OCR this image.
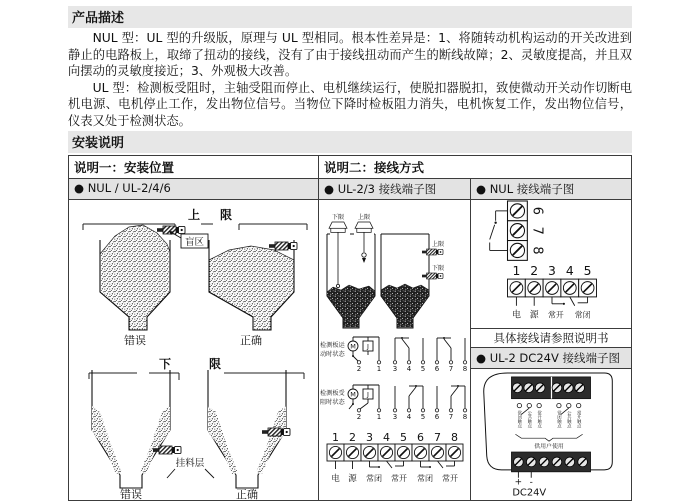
产品描述

NUL 型：UL 型的升级版，原理与 UL 型相同。根本性差异是：1、将随转动机构运动的开关改进到静止的电路板上，取缔了扭动的接线，没有了由于接线扭动而产生的断线故障；2、灵敏度提高，并且双向摆动的灵敏度接近；3、外观极大改善。

UL 型：检测板受阻时，主轴受阻而停止、电机继续运行，使脱扣器脱扣，致使微动开关动作切断电机电源、电机停止工作，发出物位信号。当物位下降时检板阻力消失，电机恢复工作，发出物位信号，仪表又处于检测状态。

安装说明
说明一：安装位置	说明二：接线方式
● NUL / UL-2/4/6	● UL-2/3 接线端子图	● NUL 接线端子图
上 限
盲区
错误	正确
下	限
错误
挂料层
正确
下限 上限
上限
下限
检测板运
动时状态
M J
2 1 3 4 5 6 7 8
检测板受
阻时状态
M J
2 1 3 4 5 6 7 8
1 2 3 4 5 6 7 8
电 源 常闭 常开 常闭 常开
6
7
8
1 2 3 4 5
电 源 常开 常闭
具体接线请参照说明书
● UL-2 DC24V 接线端子图
常闭触点 公共触点 常开触点	常闭触点 公共触点 常开触点
供用户使用
+ -
DC24V
